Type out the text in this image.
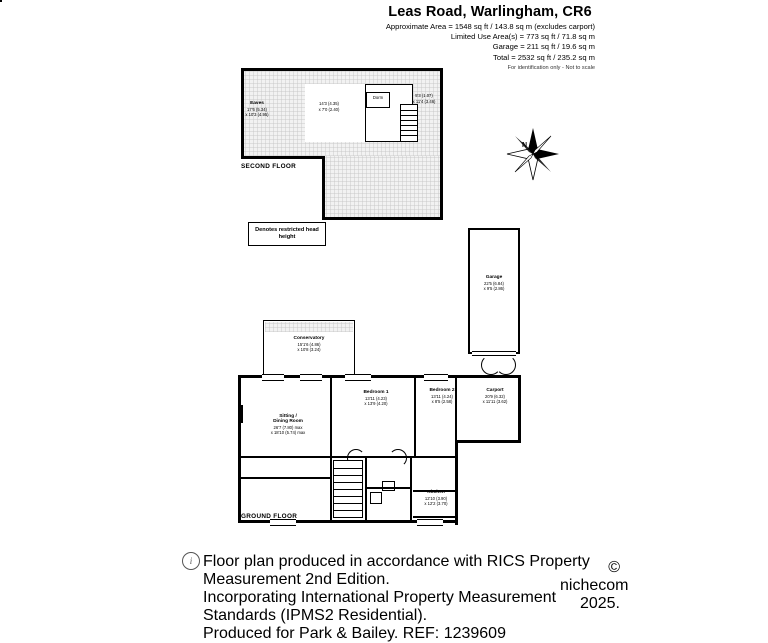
Leas Road, Warlingham, CR6
Approximate Area = 1548 sq ft / 143.8 sq m (excludes carport)
Limited Use Area(s) = 773 sq ft / 71.8 sq m
Garage = 211 sq ft / 19.6 sq m
Total = 2532 sq ft / 235.2 sq m
For identification only - Not to scale
Eaves
17'6 (5.34)
x 10'3 (4.95)
14'3 (4.35)
x 7'0 (2.40)
Dorm	5'3 (1.07)
x 11'4 (3.46)
SECOND FLOOR
Denotes restricted head height
N
Garage
22'5 (6.84)
x 9'5 (2.86)
Conservatory
15'1'6 (4.86)
x 10'8 (3.24)
Bedroom 1
13'11 (4.23)
x 13'9 (4.20)
Bedroom 2
13'11 (4.24)
x 8'5 (2.58)
Carport
20'9 (6.32)
x 11'11 (3.62)
Sitting /
Dining Room
26'7 (7.80) max
x 18'10 (5.74) max
Kitchen
12'10 (3.90)
x 12'2 (3.70)
GROUND FLOOR
i Floor plan produced in accordance with RICS Property Measurement 2nd Edition.
Incorporating International Property Measurement Standards (IPMS2 Residential).
Produced for Park & Bailey. REF: 1239609
© nichecom 2025.
